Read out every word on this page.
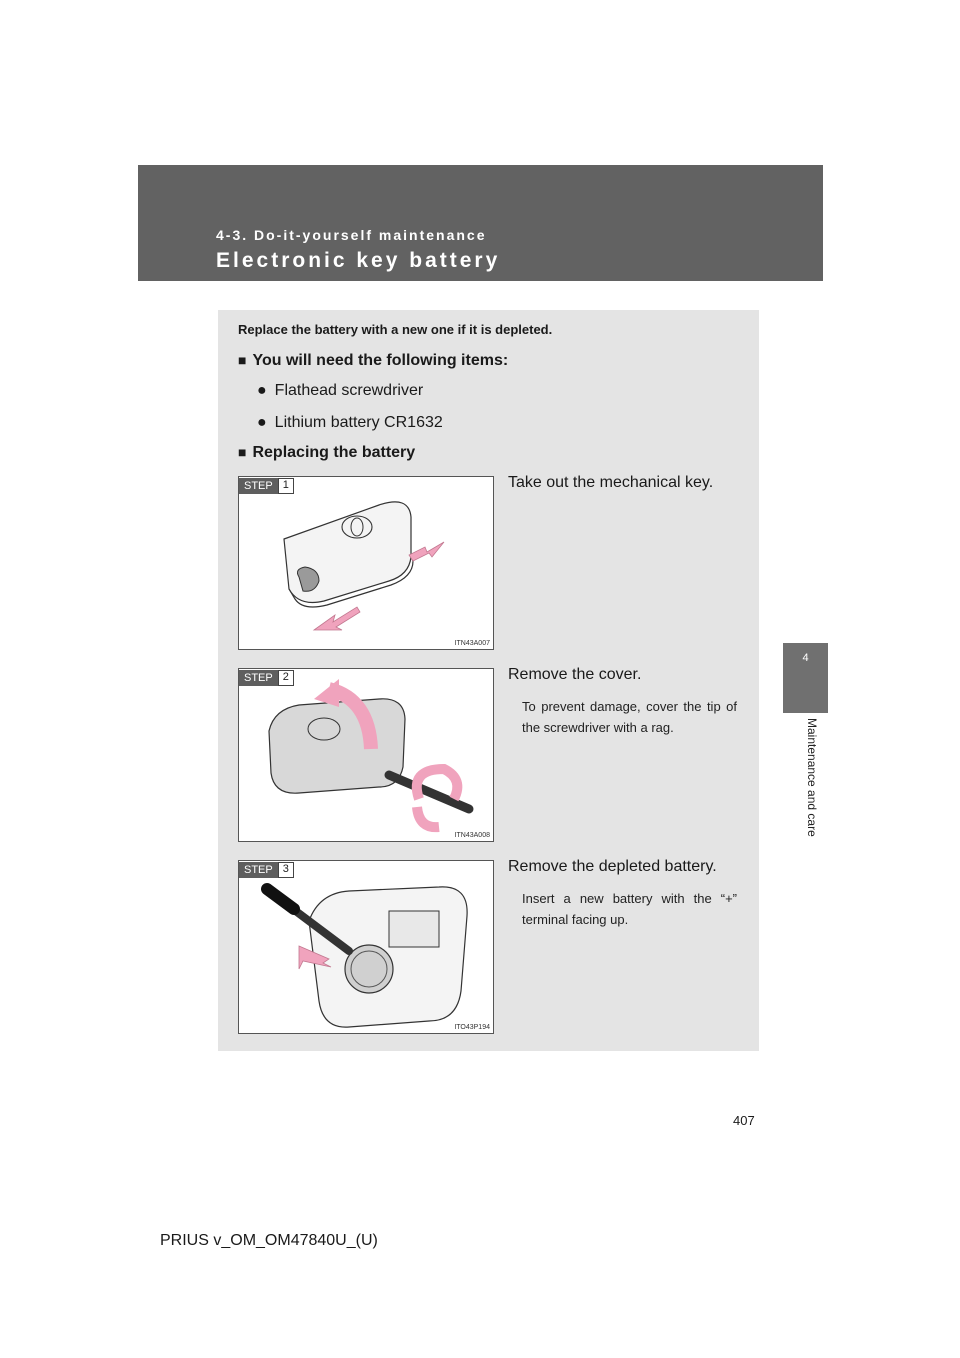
4-3. Do-it-yourself maintenance
Electronic key battery
4
Maintenance and care
Replace the battery with a new one if it is depleted.
■ You will need the following items:
● Flathead screwdriver
● Lithium battery CR1632
■ Replacing the battery
STEP 1
ITN43A007
Take out the mechanical key.
STEP 2
ITN43A008
Remove the cover.
To prevent damage, cover the tip of the screwdriver with a rag.
STEP 3
ITO43P194
Remove the depleted battery.
Insert a new battery with the “+” terminal facing up.
407
PRIUS v_OM_OM47840U_(U)
